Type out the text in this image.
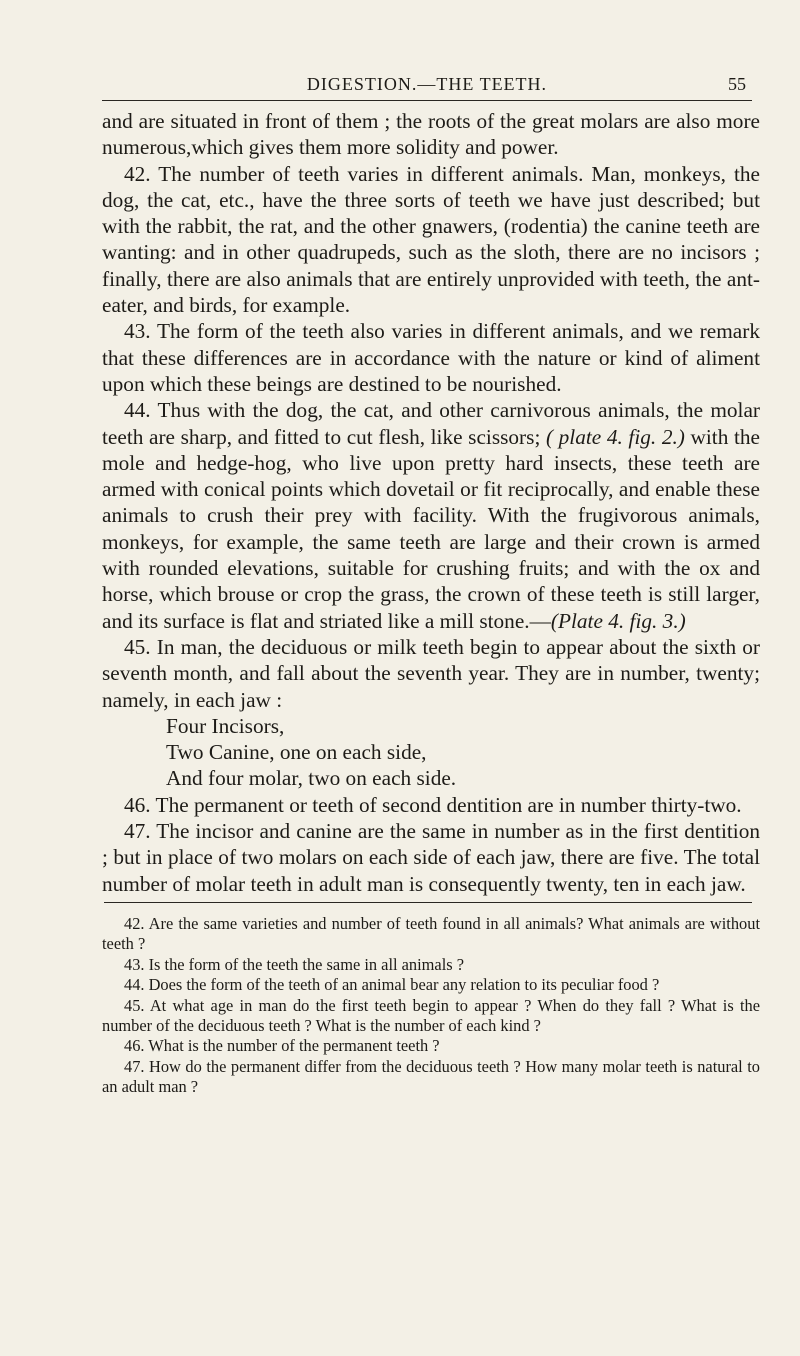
DIGESTION.—THE TEETH.	55

and are situated in front of them ; the roots of the great molars are also more numerous,which gives them more solidity and power.

42. The number of teeth varies in different animals. Man, monkeys, the dog, the cat, etc., have the three sorts of teeth we have just described; but with the rabbit, the rat, and the other gnawers, (rodentia) the canine teeth are wanting: and in other quadrupeds, such as the sloth, there are no incisors ; finally, there are also animals that are entirely unprovided with teeth, the ant-eater, and birds, for example.

43. The form of the teeth also varies in different animals, and we remark that these differences are in accordance with the nature or kind of aliment upon which these beings are destined to be nourished.

44. Thus with the dog, the cat, and other carnivorous animals, the molar teeth are sharp, and fitted to cut flesh, like scissors; ( plate 4. fig. 2.) with the mole and hedge-hog, who live upon pretty hard insects, these teeth are armed with conical points which dovetail or fit reciprocally, and enable these animals to crush their prey with facility. With the frugivorous animals, monkeys, for example, the same teeth are large and their crown is armed with rounded elevations, suitable for crushing fruits; and with the ox and horse, which brouse or crop the grass, the crown of these teeth is still larger, and its surface is flat and striated like a mill stone.—(Plate 4. fig. 3.)

45. In man, the deciduous or milk teeth begin to appear about the sixth or seventh month, and fall about the seventh year. They are in number, twenty; namely, in each jaw :

Four Incisors,
Two Canine, one on each side,
And four molar, two on each side.

46. The permanent or teeth of second dentition are in number thirty-two.

47. The incisor and canine are the same in number as in the first dentition ; but in place of two molars on each side of each jaw, there are five. The total number of molar teeth in adult man is consequently twenty, ten in each jaw.

42. Are the same varieties and number of teeth found in all animals? What animals are without teeth ?

43. Is the form of the teeth the same in all animals ?

44. Does the form of the teeth of an animal bear any relation to its peculiar food ?

45. At what age in man do the first teeth begin to appear ? When do they fall ? What is the number of the deciduous teeth ? What is the number of each kind ?

46. What is the number of the permanent teeth ?

47. How do the permanent differ from the deciduous teeth ? How many molar teeth is natural to an adult man ?
